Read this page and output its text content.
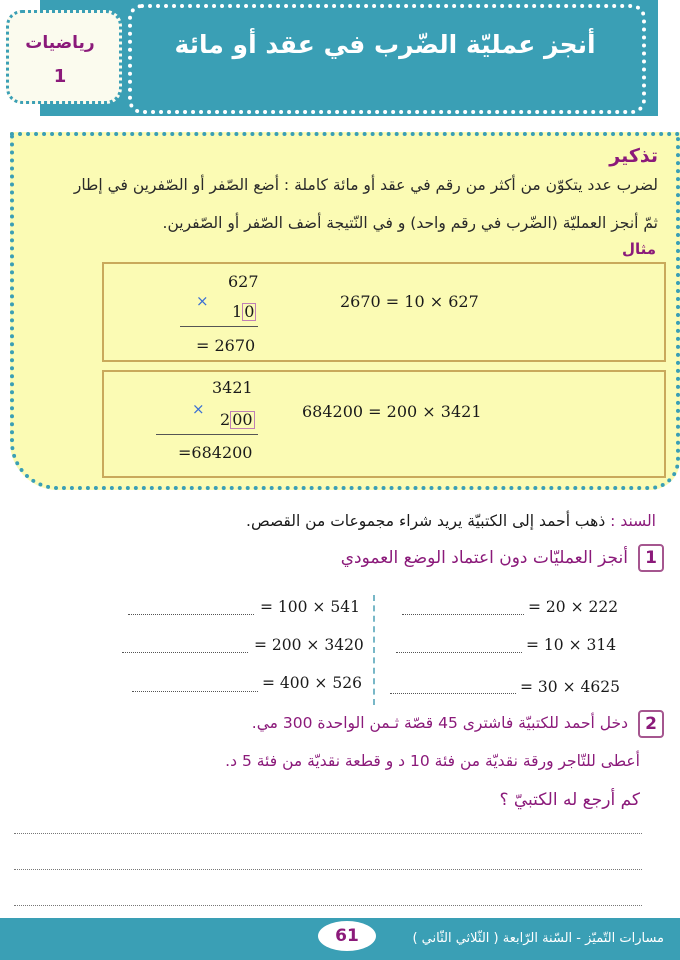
أنجز عمليّة الضّرب في عقد أو مائة
رياضيات
1
تذكير
لضرب عدد يتكوّن من أكثر من رقم في عقد أو مائة كاملة : أضع الصّفر أو الصّفرين في إطار
ثمّ أنجز العمليّة (الضّرب في رقم واحد) و في النّتيجة أضف الصّفر أو الصّفرين.
مثال
627
×
1 0
= 2670
2670 = 10 × 627
3421
×
2 00
=684200
684200 = 200 × 3421
السند : ذهب أحمد إلى الكتبيّة يريد شراء مجموعات من القصص.
1
أنجز العمليّات دون اعتماد الوضع العمودي
= 20 × 222
= 10 × 314
= 30 × 4625
= 100 × 541
= 200 × 3420
= 400 × 526
2
دخل أحمد للكتبيّة فاشترى 45 قصّة ثـمن الواحدة 300 مي.
أعطى للتّاجر ورقة نقديّة من فئة 10 د و قطعة نقديّة من فئة 5 د.
كم أرجع له الكتبيّ ؟
مسارات التّميّز - السّنة الرّابعة ( الثّلاثي الثّاني )
61
